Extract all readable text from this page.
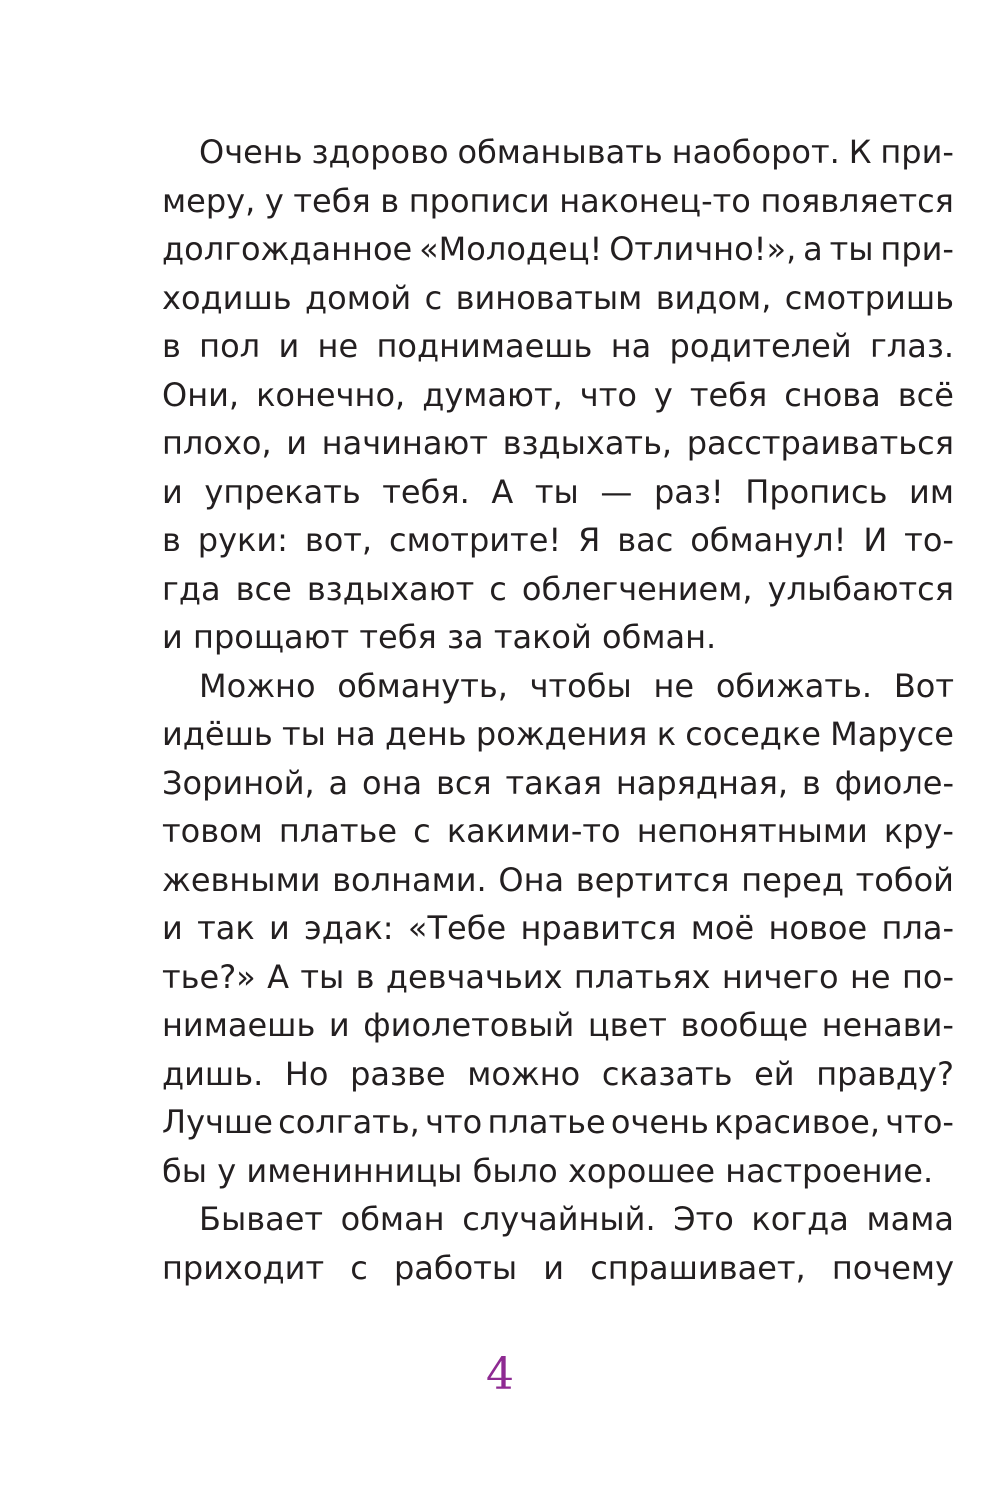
Очень здорово обманывать наоборот. К при-
меру, у тебя в прописи наконец-то появляется
долгожданное «Молодец! Отлично!», а ты при-
ходишь домой с виноватым видом, смотришь
в пол и не поднимаешь на родителей глаз.
Они, конечно, думают, что у тебя снова всё
плохо, и начинают вздыхать, расстраиваться
и упрекать тебя. А ты — раз! Пропись им
в руки: вот, смотрите! Я вас обманул! И то-
гда все вздыхают с облегчением, улыбаются
и прощают тебя за такой обман.
Можно обмануть, чтобы не обижать. Вот
идёшь ты на день рождения к соседке Марусе
Зориной, а она вся такая нарядная, в фиоле-
товом платье с какими-то непонятными кру-
жевными волнами. Она вертится перед тобой
и так и эдак: «Тебе нравится моё новое пла-
тье?» А ты в девчачьих платьях ничего не по-
нимаешь и фиолетовый цвет вообще ненави-
дишь. Но разве можно сказать ей правду?
Лучше солгать, что платье очень красивое, что-
бы у именинницы было хорошее настроение.
Бывает обман случайный. Это когда мама
приходит с работы и спрашивает, почему
4
